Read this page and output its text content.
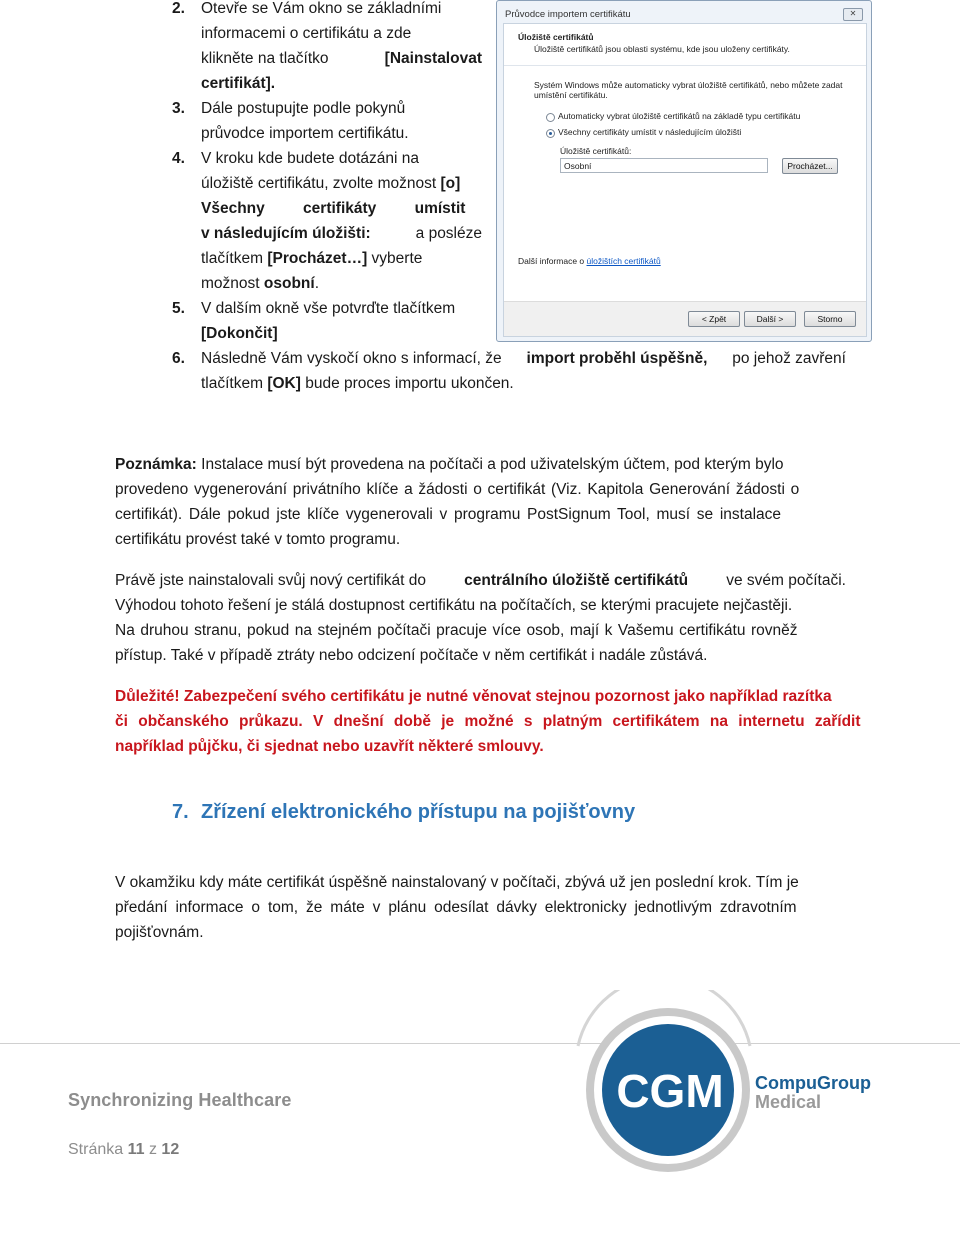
2. Otevře se Vám okno se základními
informacemi o certifikátu a zde
klikněte na tlačítko	[Nainstalovat
certifikát].
3. Dále postupujte podle pokynů
průvodce importem certifikátu.
4. V kroku kde budete dotázáni na
úložiště certifikátu, zvolte možnost [o]
Všechny certifikáty umístit
v následujícím úložišti:	a posléze
tlačítkem [Procházet…] vyberte
možnost osobní.
5. V dalším okně vše potvrďte tlačítkem
[Dokončit]
6. Následně Vám vyskočí okno s informací, že import proběhl úspěšně, po jehož zavření
tlačítkem [OK] bude proces importu ukončen.
Průvodce importem certifikátu	✕
Úložiště certifikátů
Úložiště certifikátů jsou oblasti systému, kde jsou uloženy certifikáty.
Systém Windows může automaticky vybrat úložiště certifikátů, nebo můžete zadat
umístění certifikátu.
Automaticky vybrat úložiště certifikátů na základě typu certifikátu
Všechny certifikáty umístit v následujícím úložišti
Úložiště certifikátů:
Osobní	Procházet...
Další informace o úložištích certifikátů
< Zpět	Další >	Storno
Poznámka: Instalace musí být provedena na počítači a pod uživatelským účtem, pod kterým bylo
provedeno vygenerování privátního klíče a žádosti o certifikát (Viz. Kapitola Generování žádosti o
certifikát). Dále pokud jste klíče vygenerovali v programu PostSignum Tool, musí se instalace
certifikátu provést také v tomto programu.
Právě jste nainstalovali svůj nový certifikát do centrálního úložiště certifikátů ve svém počítači.
Výhodou tohoto řešení je stálá dostupnost certifikátu na počítačích, se kterými pracujete nejčastěji.
Na druhou stranu, pokud na stejném počítači pracuje více osob, mají k Vašemu certifikátu rovněž
přístup. Také v případě ztráty nebo odcizení počítače v něm certifikát i nadále zůstává.
Důležité! Zabezpečení svého certifikátu je nutné věnovat stejnou pozornost jako například razítka
či občanského průkazu. V dnešní době je možné s platným certifikátem na internetu zařídit
například půjčku, či sjednat nebo uzavřít některé smlouvy.
7. Zřízení elektronického přístupu na pojišťovny
V okamžiku kdy máte certifikát úspěšně nainstalovaný v počítači, zbývá už jen poslední krok. Tím je
předání informace o tom, že máte v plánu odesílat dávky elektronicky jednotlivým zdravotním
pojišťovnám.
CGM CompuGroup
Medical
Synchronizing Healthcare
Stránka 11 z 12
